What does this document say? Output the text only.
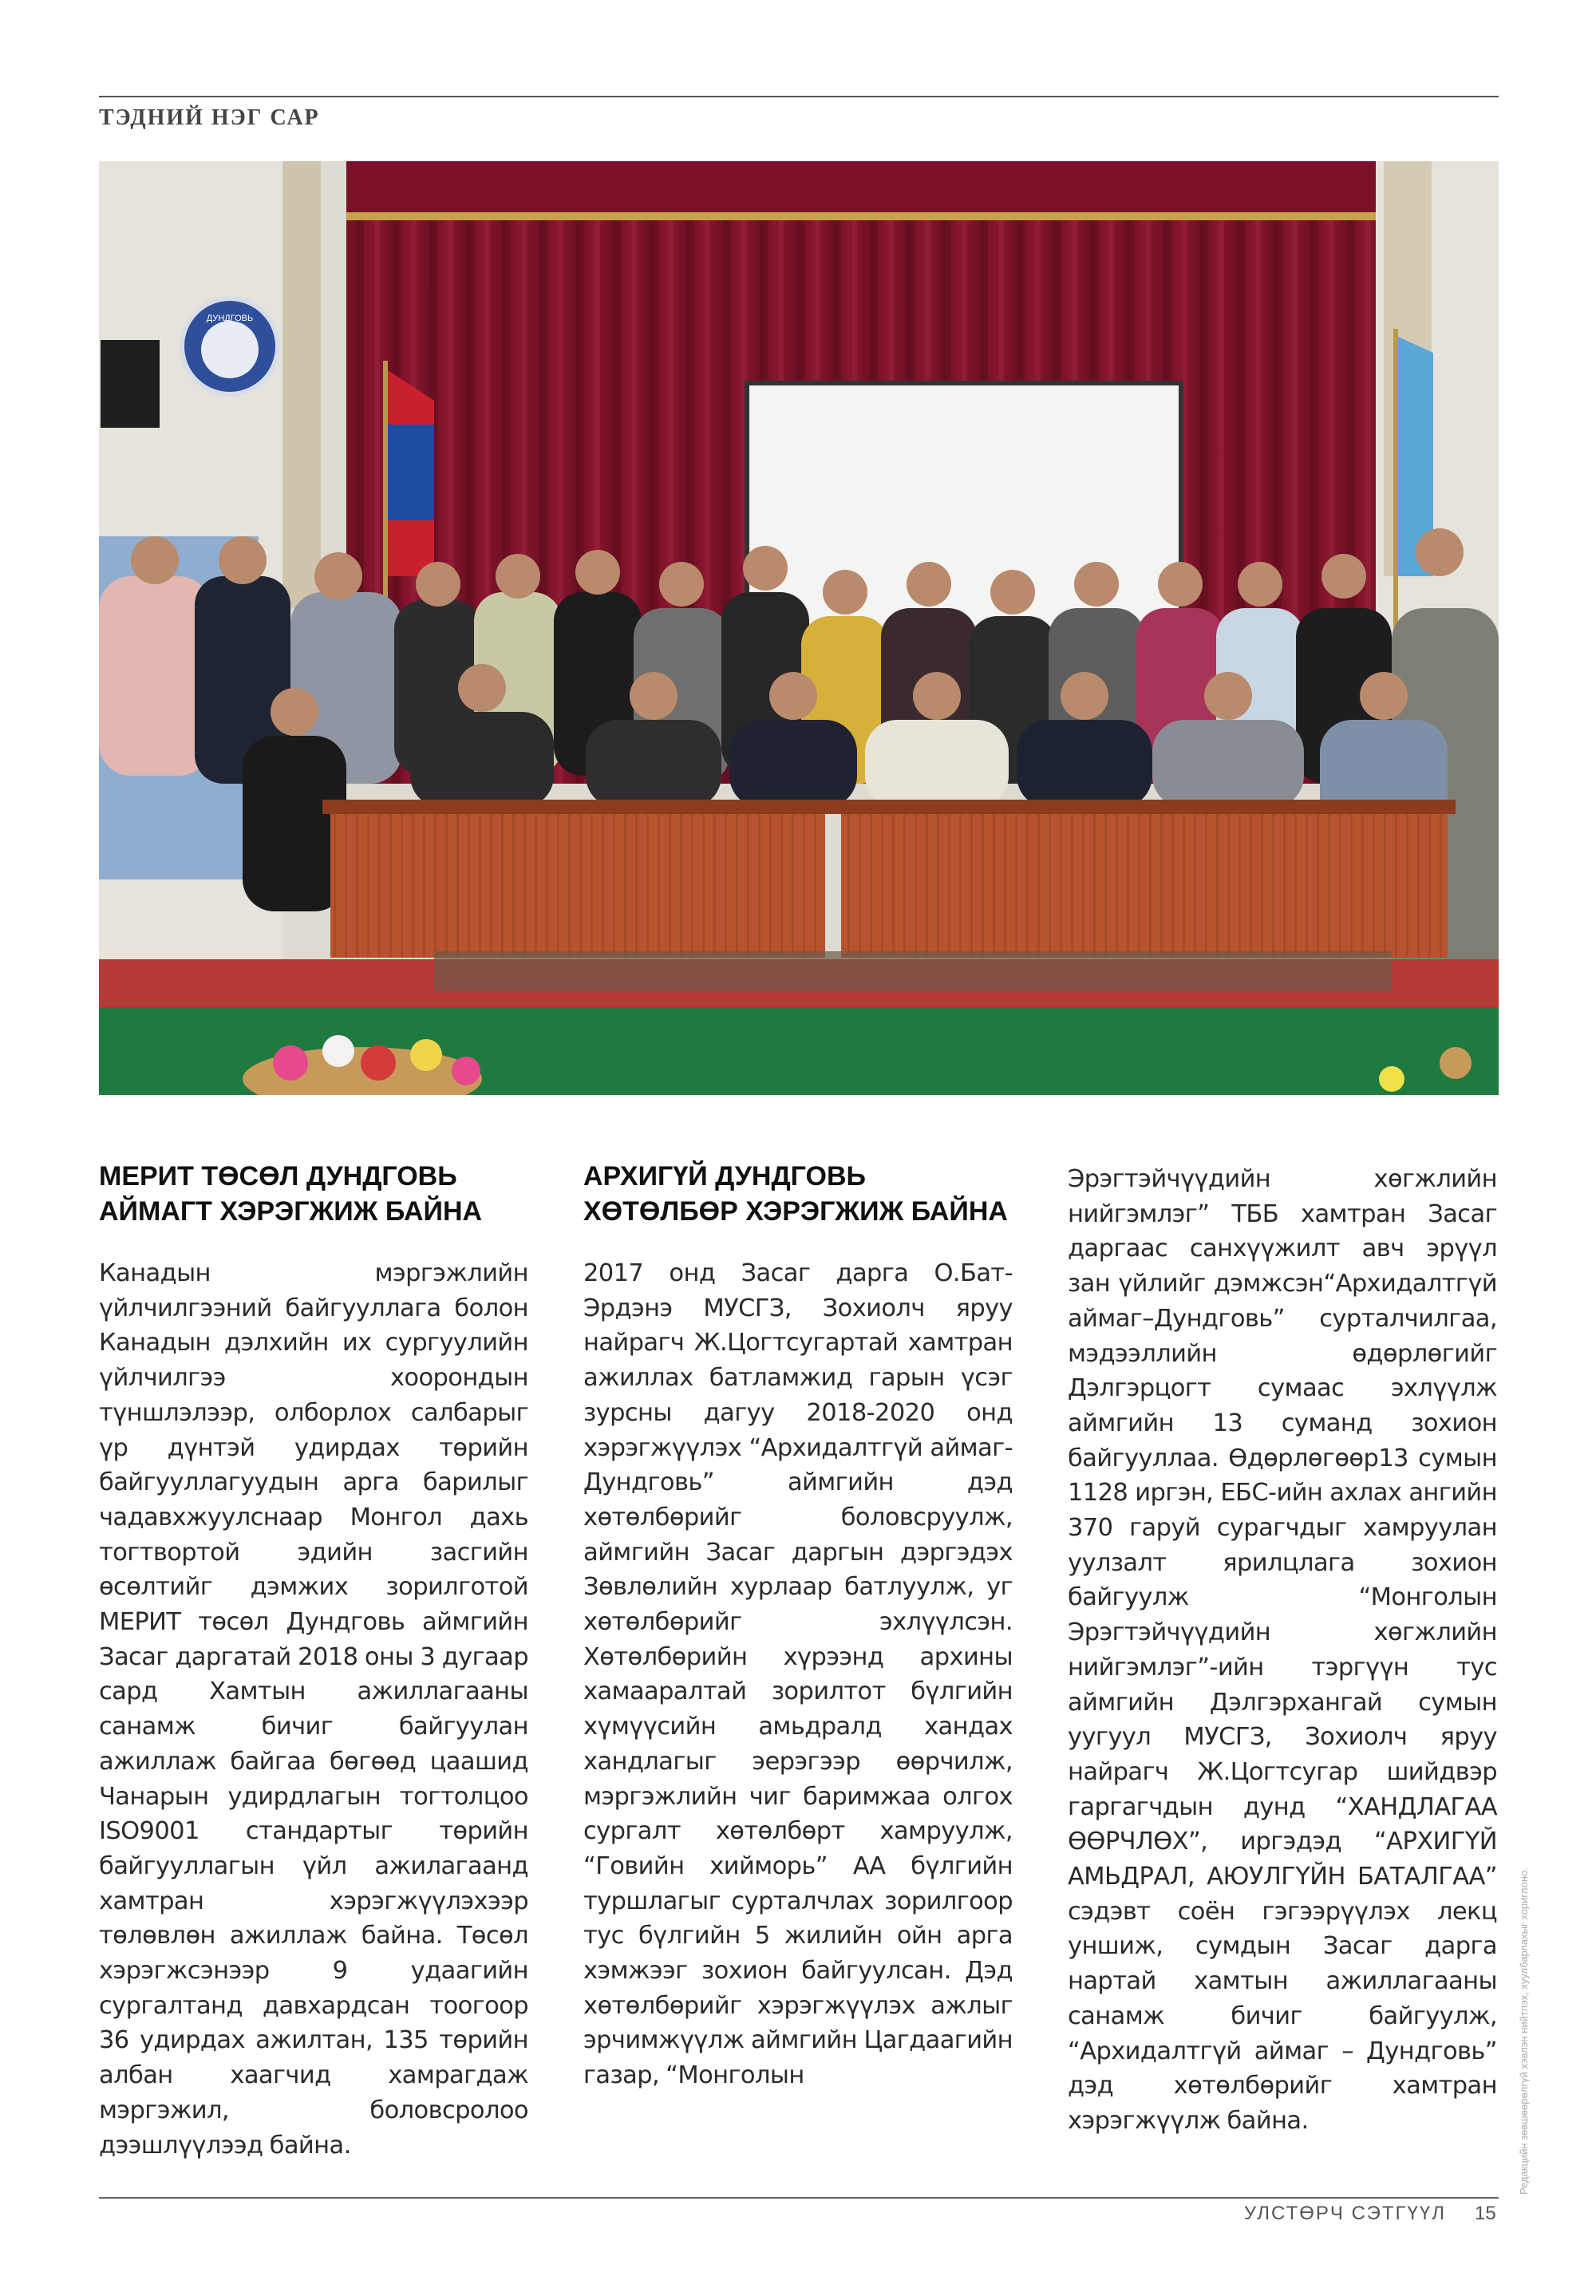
ТЭДНИЙ НЭГ САР
ДУНДГОВЬ
МЕРИТ ТӨСӨЛ ДУНДГОВЬ АЙМАГТ ХЭРЭГЖИЖ БАЙНА

Канадын мэргэжлийн үйлчилгээний байгууллага болон Канадын дэлхийн их сургуулийн үйлчилгээ хоорондын түншлэлээр, олборлох салбарыг үр дүнтэй удирдах төрийн байгууллагуудын арга барилыг чадавхжуулснаар Монгол дахь тогтвортой эдийн засгийн өсөлтийг дэмжих зорилготой МЕРИТ төсөл Дундговь аймгийн Засаг даргатай 2018 оны 3 дугаар сард Хамтын ажиллагааны санамж бичиг байгуулан ажиллаж байгаа бөгөөд цаашид Чанарын удирдлагын тогтолцоо ISO9001 стандартыг төрийн байгууллагын үйл ажилагаанд хамтран хэрэгжүүлэхээр төлөвлөн ажиллаж байна. Төсөл хэрэгжсэнээр 9 удаагийн сургалтанд давхардсан тоогоор 36 удирдах ажилтан, 135 төрийн албан хаагчид хамрагдаж мэргэжил, боловсролоо дээшлүүлээд байна.

АРХИГҮЙ ДУНДГОВЬ ХӨТӨЛБӨР ХЭРЭГЖИЖ БАЙНА

2017 онд Засаг дарга О.Бат-Эрдэнэ МУСГЗ, Зохиолч яруу найрагч Ж.Цогтсугартай хамтран ажиллах батламжид гарын үсэг зурсны дагуу 2018-2020 онд хэрэгжүүлэх “Архидалтгүй аймаг-Дундговь” аймгийн дэд хөтөлбөрийг боловсруулж, аймгийн Засаг даргын дэргэдэх Зөвлөлийн хурлаар батлуулж, уг хөтөлбөрийг эхлүүлсэн. Хөтөлбөрийн хүрээнд архины хамааралтай зорилтот бүлгийн хүмүүсийн амьдралд хандах хандлагыг эерэгээр өөрчилж, мэргэжлийн чиг баримжаа олгох сургалт хөтөлбөрт хамруулж, “Говийн хийморь” АА бүлгийн туршлагыг сурталчлах зорилгоор тус бүлгийн 5 жилийн ойн арга хэмжээг зохион байгуулсан. Дэд хөтөлбөрийг хэрэгжүүлэх ажлыг эрчимжүүлж аймгийн Цагдаагийн газар, “Монголын

Эрэгтэйчүүдийн хөгжлийн нийгэмлэг” ТББ хамтран Засаг даргаас санхүүжилт авч эрүүл зан үйлийг дэмжсэн“Архидалтгүй аймаг–Дундговь” сурталчилгаа, мэдээллийн өдөрлөгийг Дэлгэрцогт сумаас эхлүүлж аймгийн 13 суманд зохион байгууллаа. Өдөрлөгөөр13 сумын 1128 иргэн, ЕБС-ийн ахлах ангийн 370 гаруй сурагчдыг хамруулан уулзалт ярилцлага зохион байгуулж “Монголын Эрэгтэйчүүдийн хөгжлийн нийгэмлэг”-ийн тэргүүн тус аймгийн Дэлгэрхангай сумын уугуул МУСГЗ, Зохиолч яруу найрагч Ж.Цогтсугар шийдвэр гаргагчдын дунд “ХАНДЛАГАА ӨӨРЧЛӨХ”, иргэдэд “АРХИГҮЙ АМЬДРАЛ, АЮУЛГҮЙН БАТАЛГАА” сэдэвт соён гэгээрүүлэх лекц уншиж, сумдын Засаг дарга нартай хамтын ажиллагааны санамж бичиг байгуулж, “Архидалтгүй аймаг – Дундговь” дэд хөтөлбөрийг хамтран хэрэгжүүлж байна.	Редакцийн зөвшөөрөлгүй хэвлэн нийтлэх, хуулбарлахыг хориглоно.
УЛСТӨРЧ СЭТГҮҮЛ 15
